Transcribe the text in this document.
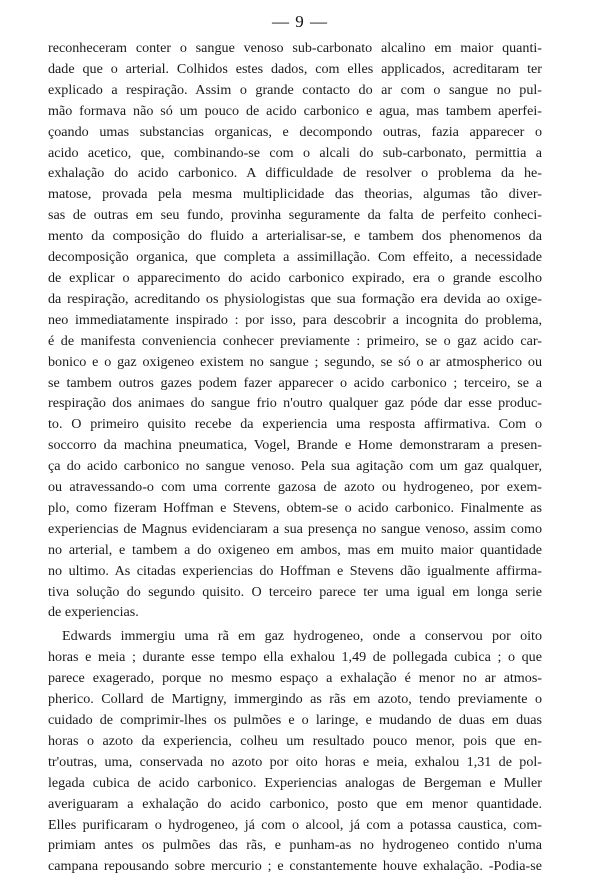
— 9 —
reconheceram conter o sangue venoso sub-carbonato alcalino em maior quanti-
dade que o arterial. Colhidos estes dados, com elles applicados, acreditaram ter
explicado a respiração. Assim o grande contacto do ar com o sangue no pul-
mão formava não só um pouco de acido carbonico e agua, mas tambem aperfei-
çoando umas substancias organicas, e decompondo outras, fazia apparecer o
acido acetico, que, combinando-se com o alcali do sub-carbonato, permittia a
exhalação do acido carbonico. A difficuldade de resolver o problema da he-
matose, provada pela mesma multiplicidade das theorias, algumas tão diver-
sas de outras em seu fundo, provinha seguramente da falta de perfeito conheci-
mento da composição do fluido a arterialisar-se, e tambem dos phenomenos da
decomposição organica, que completa a assimillação. Com effeito, a necessidade
de explicar o apparecimento do acido carbonico expirado, era o grande escolho
da respiração, acreditando os physiologistas que sua formação era devida ao oxige-
neo immediatamente inspirado : por isso, para descobrir a incognita do problema,
é de manifesta conveniencia conhecer previamente : primeiro, se o gaz acido car-
bonico e o gaz oxigeneo existem no sangue ; segundo, se só o ar atmospherico ou
se tambem outros gazes podem fazer apparecer o acido carbonico ; terceiro, se a
respiração dos animaes do sangue frio n'outro qualquer gaz póde dar esse produc-
to. O primeiro quisito recebe da experiencia uma resposta affirmativa. Com o
soccorro da machina pneumatica, Vogel, Brande e Home demonstraram a presen-
ça do acido carbonico no sangue venoso. Pela sua agitação com um gaz qualquer,
ou atravessando-o com uma corrente gazosa de azoto ou hydrogeneo, por exem-
plo, como fizeram Hoffman e Stevens, obtem-se o acido carbonico. Finalmente as
experiencias de Magnus evidenciaram a sua presença no sangue venoso, assim como
no arterial, e tambem a do oxigeneo em ambos, mas em muito maior quantidade
no ultimo. As citadas experiencias do Hoffman e Stevens dão igualmente affirma-
tiva solução do segundo quisito. O terceiro parece ter uma igual em longa serie
de experiencias.
Edwards immergiu uma rã em gaz hydrogeneo, onde a conservou por oito
horas e meia ; durante esse tempo ella exhalou 1,49 de pollegada cubica ; o que
parece exagerado, porque no mesmo espaço a exhalação é menor no ar atmos-
pherico. Collard de Martigny, immergindo as rãs em azoto, tendo previamente o
cuidado de comprimir-lhes os pulmões e o laringe, e mudando de duas em duas
horas o azoto da experiencia, colheu um resultado pouco menor, pois que en-
tr'outras, uma, conservada no azoto por oito horas e meia, exhalou 1,31 de pol-
legada cubica de acido carbonico. Experiencias analogas de Bergeman e Muller
averiguaram a exhalação do acido carbonico, posto que em menor quantidade.
Elles purificaram o hydrogeneo, já com o alcool, já com a potassa caustica, com-
primiam antes os pulmões das rãs, e punham-as no hydrogeneo contido n'uma
campana repousando sobre mercurio ; e constantemente houve exhalação. -Podia-se
